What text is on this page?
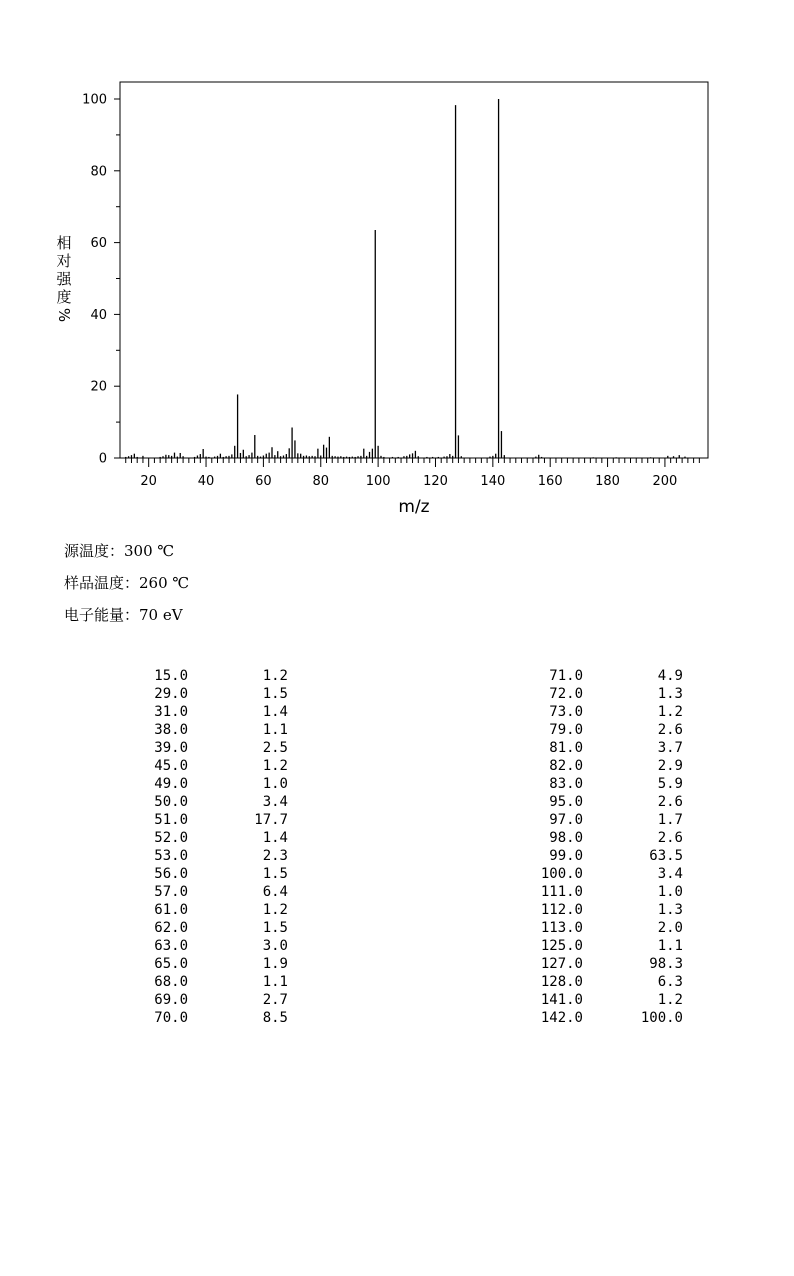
0
20
40
60
80
100
20	40	60	80	100	120	140	160	180	200
m/z
相
对
强
度
%
源温度：300 ℃
样品温度：260 ℃
电子能量：70 eV
15.0	1.2
29.0	1.5
31.0	1.4
38.0	1.1
39.0	2.5
45.0	1.2
49.0	1.0
50.0	3.4
51.0	17.7
52.0	1.4
53.0	2.3
56.0	1.5
57.0	6.4
61.0	1.2
62.0	1.5
63.0	3.0
65.0	1.9
68.0	1.1
69.0	2.7
70.0	8.5
71.0	4.9
72.0	1.3
73.0	1.2
79.0	2.6
81.0	3.7
82.0	2.9
83.0	5.9
95.0	2.6
97.0	1.7
98.0	2.6
99.0	63.5
100.0	3.4
111.0	1.0
112.0	1.3
113.0	2.0
125.0	1.1
127.0	98.3
128.0	6.3
141.0	1.2
142.0	100.0
